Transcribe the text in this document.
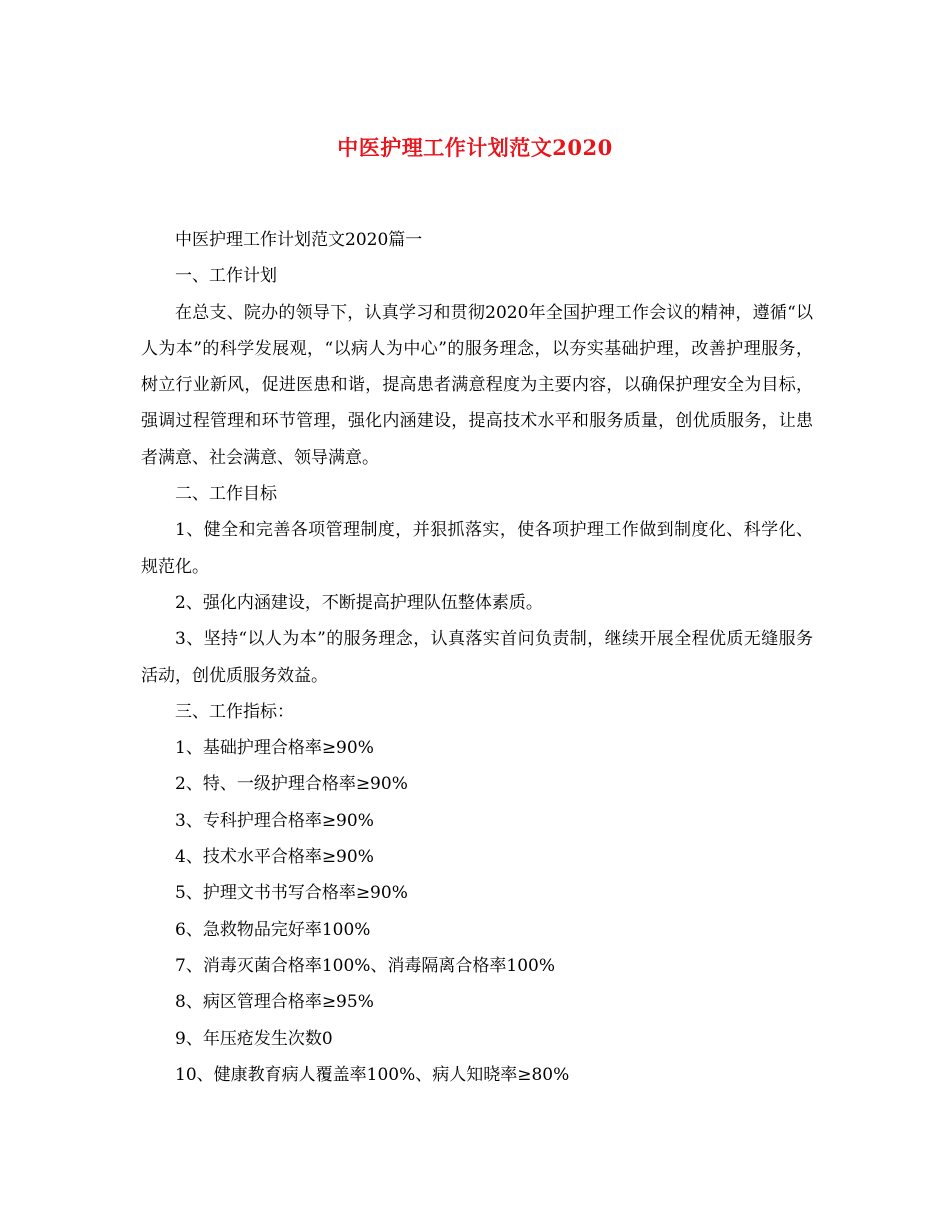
中医护理工作计划范文2020

中医护理工作计划范文2020篇一

一、工作计划

在总支、院办的领导下，认真学习和贯彻2020年全国护理工作会议的精神，遵循“以人为本”的科学发展观，“以病人为中心”的服务理念，以夯实基础护理，改善护理服务，树立行业新风，促进医患和谐，提高患者满意程度为主要内容，以确保护理安全为目标，强调过程管理和环节管理，强化内涵建设，提高技术水平和服务质量，创优质服务，让患者满意、社会满意、领导满意。

二、工作目标

1、健全和完善各项管理制度，并狠抓落实，使各项护理工作做到制度化、科学化、规范化。

2、强化内涵建设，不断提高护理队伍整体素质。

3、坚持“以人为本”的服务理念，认真落实首问负责制，继续开展全程优质无缝服务活动，创优质服务效益。

三、工作指标：

1、基础护理合格率≥90%

2、特、一级护理合格率≥90%

3、专科护理合格率≥90%

4、技术水平合格率≥90%

5、护理文书书写合格率≥90%

6、急救物品完好率100%

7、消毒灭菌合格率100%、消毒隔离合格率100%

8、病区管理合格率≥95%

9、年压疮发生次数0

10、健康教育病人覆盖率100%、病人知晓率≥80%
